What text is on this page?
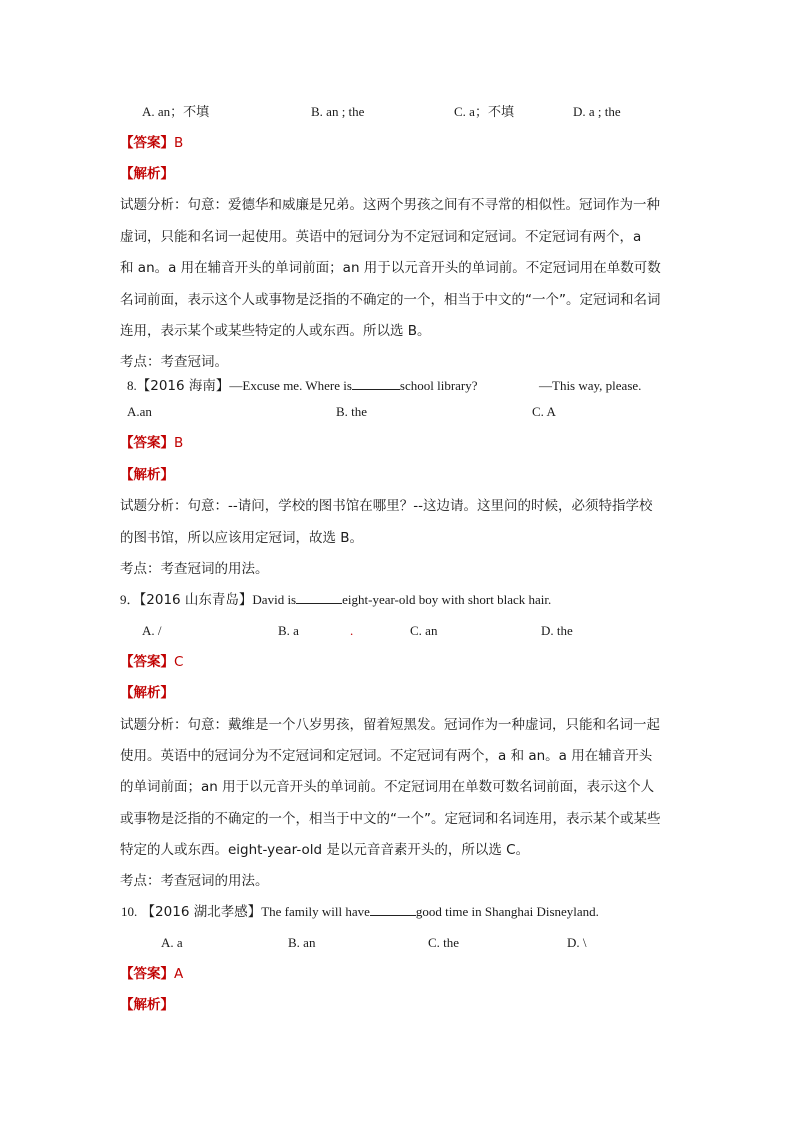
A. an；不填	B. an ; the	C. a；不填	D. a ; the
【答案】B
【解析】
试题分析：句意：爱德华和威廉是兄弟。这两个男孩之间有不寻常的相似性。冠词作为一种
虚词，只能和名词一起使用。英语中的冠词分为不定冠词和定冠词。不定冠词有两个，a
和 an。a 用在辅音开头的单词前面；an 用于以元音开头的单词前。不定冠词用在单数可数
名词前面，表示这个人或事物是泛指的不确定的一个，相当于中文的“一个”。定冠词和名词
连用，表示某个或某些特定的人或东西。所以选 B。
考点：考查冠词。
8.【2016 海南】—Excuse me. Where is	school library?	—This way, please.
A.an	B. the	C. A
【答案】B
【解析】
试题分析：句意：--请问，学校的图书馆在哪里？--这边请。这里问的时候，必须特指学校
的图书馆，所以应该用定冠词，故选 B。
考点：考查冠词的用法。
9．【2016 山东青岛】David is	eight-year-old boy with short black hair.
A. /	B. a	.	C. an	D. the
【答案】C
【解析】
试题分析：句意：戴维是一个八岁男孩，留着短黑发。冠词作为一种虚词，只能和名词一起
使用。英语中的冠词分为不定冠词和定冠词。不定冠词有两个，a 和 an。a 用在辅音开头
的单词前面；an 用于以元音开头的单词前。不定冠词用在单数可数名词前面，表示这个人
或事物是泛指的不确定的一个，相当于中文的“一个”。定冠词和名词连用，表示某个或某些
特定的人或东西。eight-year-old 是以元音音素开头的，所以选 C。
考点：考查冠词的用法。
10. 【2016 湖北孝感】The family will have	good time in Shanghai Disneyland.
A. a	B. an	C. the	D. \
【答案】A
【解析】
